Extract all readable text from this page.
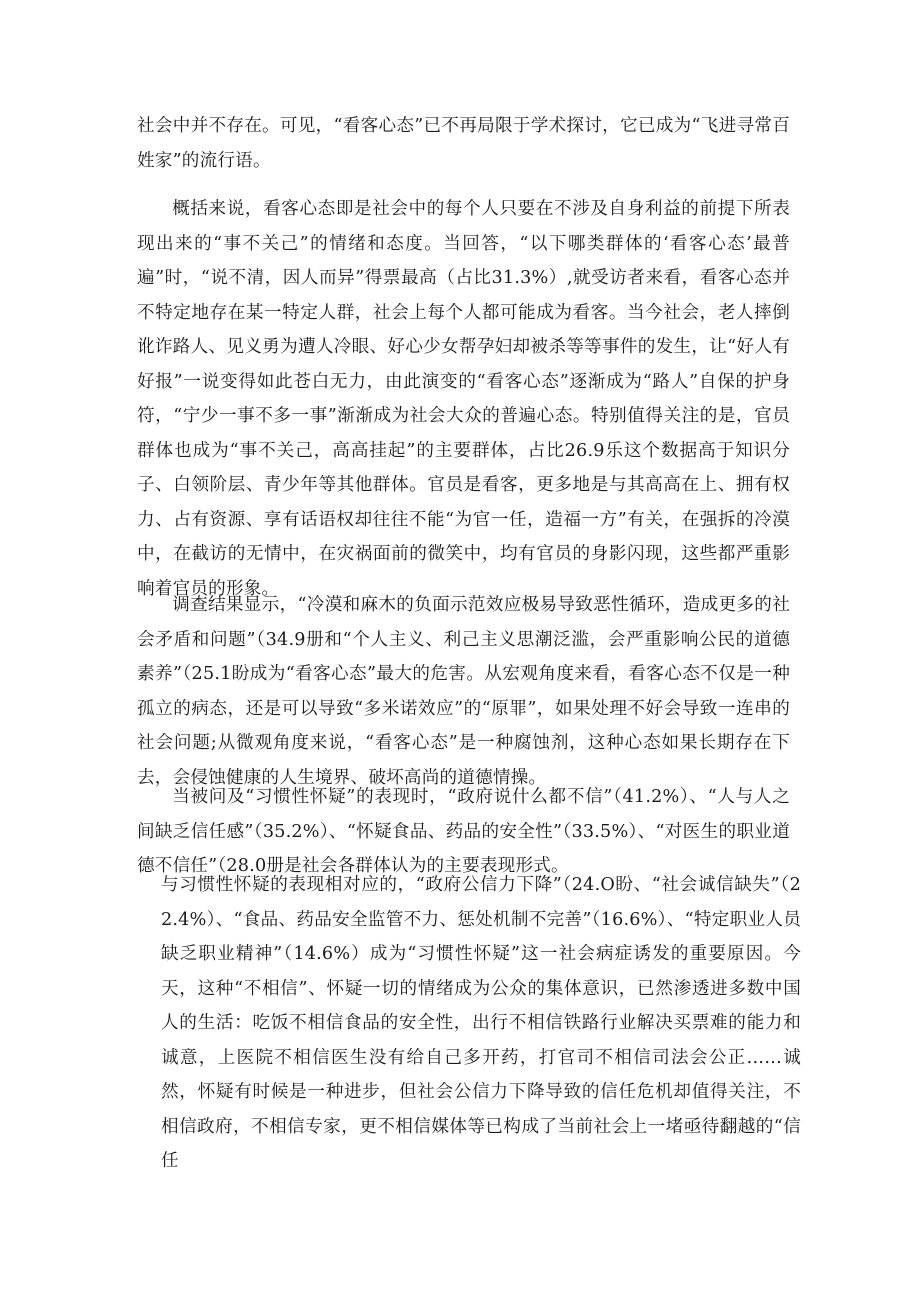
社会中并不存在。可见，“看客心态”已不再局限于学术探讨，它已成为“飞进寻常百姓家”的流行语。

概括来说，看客心态即是社会中的每个人只要在不涉及自身利益的前提下所表现出来的“事不关己”的情绪和态度。当回答，“以下哪类群体的‘看客心态’最普遍”时，“说不清，因人而异”得票最高（占比31.3%）,就受访者来看，看客心态并不特定地存在某一特定人群，社会上每个人都可能成为看客。当今社会，老人摔倒讹诈路人、见义勇为遭人冷眼、好心少女帮孕妇却被杀等等事件的发生，让“好人有好报”一说变得如此苍白无力，由此演变的“看客心态”逐渐成为“路人”自保的护身符，“宁少一事不多一事”渐渐成为社会大众的普遍心态。特别值得关注的是，官员群体也成为“事不关己，高高挂起”的主要群体，占比26.9乐这个数据高于知识分子、白领阶层、青少年等其他群体。官员是看客，更多地是与其高高在上、拥有权力、占有资源、享有话语权却往往不能“为官一任，造福一方”有关，在强拆的冷漠中，在截访的无情中，在灾祸面前的微笑中，均有官员的身影闪现，这些都严重影响着官员的形象。

调查结果显示，“冷漠和麻木的负面示范效应极易导致恶性循环，造成更多的社会矛盾和问题”（34.9册和“个人主义、利己主义思潮泛滥，会严重影响公民的道德素养”（25.1盼成为“看客心态”最大的危害。从宏观角度来看，看客心态不仅是一种孤立的病态，还是可以导致“多米诺效应”的“原罪”，如果处理不好会导致一连串的社会问题;从微观角度来说，“看客心态”是一种腐蚀剂，这种心态如果长期存在下去，会侵蚀健康的人生境界、破坏高尚的道德情操。

当被问及“习惯性怀疑”的表现时，“政府说什么都不信”（41.2%）、“人与人之间缺乏信任感”（35.2%）、“怀疑食品、药品的安全性”（33.5%）、“对医生的职业道德不信任”（28.0册是社会各群体认为的主要表现形式。

与习惯性怀疑的表现相对应的，“政府公信力下降”（24.O盼、“社会诚信缺失”（22.4%）、“食品、药品安全监管不力、惩处机制不完善”（16.6%）、“特定职业人员缺乏职业精神”（14.6%）成为“习惯性怀疑”这一社会病症诱发的重要原因。今天，这种“不相信”、怀疑一切的情绪成为公众的集体意识，已然渗透进多数中国人的生活：吃饭不相信食品的安全性，出行不相信铁路行业解决买票难的能力和诚意，上医院不相信医生没有给自己多开药，打官司不相信司法会公正……诚然，怀疑有时候是一种进步，但社会公信力下降导致的信任危机却值得关注，不相信政府，不相信专家，更不相信媒体等已构成了当前社会上一堵亟待翻越的“信任
